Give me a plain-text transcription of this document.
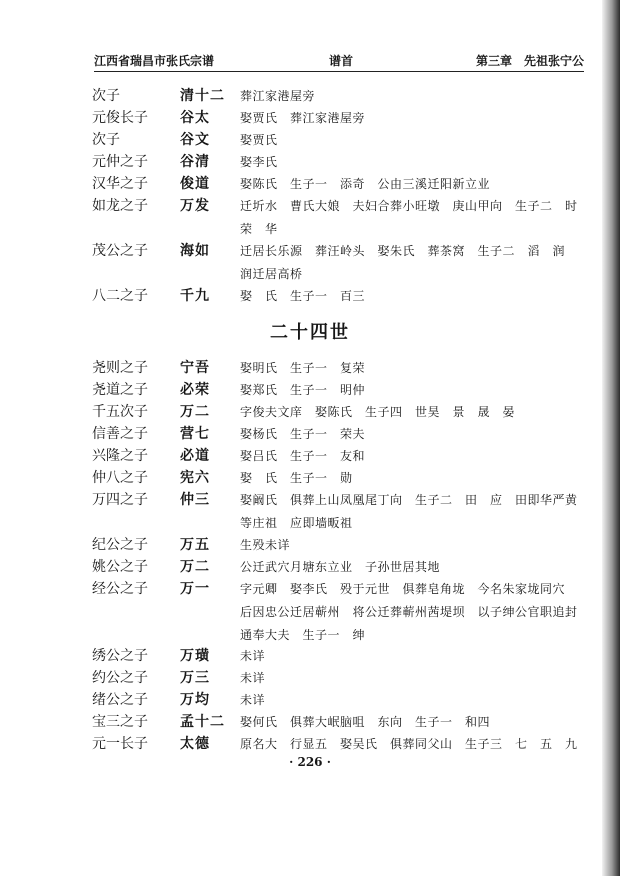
江西省瑞昌市张氏宗谱	谱首	第三章　先祖张宁公
次子	清十二	葬江家港屋旁
元俊长子	谷太	娶贾氏　葬江家港屋旁
次子	谷文	娶贾氏
元仲之子	谷清	娶李氏
汉华之子	俊道	娶陈氏　生子一　添奇　公由三溪迁阳新立业
如龙之子	万发	迁圻水　曹氏大娘　夫妇合葬小旺墩　庚山甲向　生子二　时
荣　华
茂公之子	海如	迁居长乐源　葬汪岭头　娶朱氏　葬茶窝　生子二　滔　润
润迁居高桥
八二之子	千九	娶　氏　生子一　百三
二十四世
尧则之子	宁吾	娶明氏　生子一　复荣
尧道之子	必荣	娶郑氏　生子一　明仲
千五次子	万二	字俊夫文庠　娶陈氏　生子四　世昊　景　晟　晏
信善之子	营七	娶杨氏　生子一　荣夫
兴隆之子	必道	娶吕氏　生子一　友和
仲八之子	宪六	娶　氏　生子一　勋
万四之子	仲三	娶阚氏　俱葬上山凤凰尾丁向　生子二　田　应　田即华严黄
等庄祖　应即墙畈祖
纪公之子	万五	生殁未详
姚公之子	万二	公迁武穴月塘东立业　子孙世居其地
经公之子	万一	字元卿　娶李氏　殁于元世　俱葬皂角垅　今名朱家垅同穴
后因忠公迁居蕲州　将公迁葬蕲州茜堤坝　以子绅公官职追封
通奉大夫　生子一　绅
绣公之子	万璜	未详
约公之子	万三	未详
绪公之子	万均	未详
宝三之子	孟十二	娶何氏　俱葬大岷脑咀　东向　生子一　和四
元一长子	太德	原名大　行显五　娶吴氏　俱葬同父山　生子三　七　五　九
· 226 ·
